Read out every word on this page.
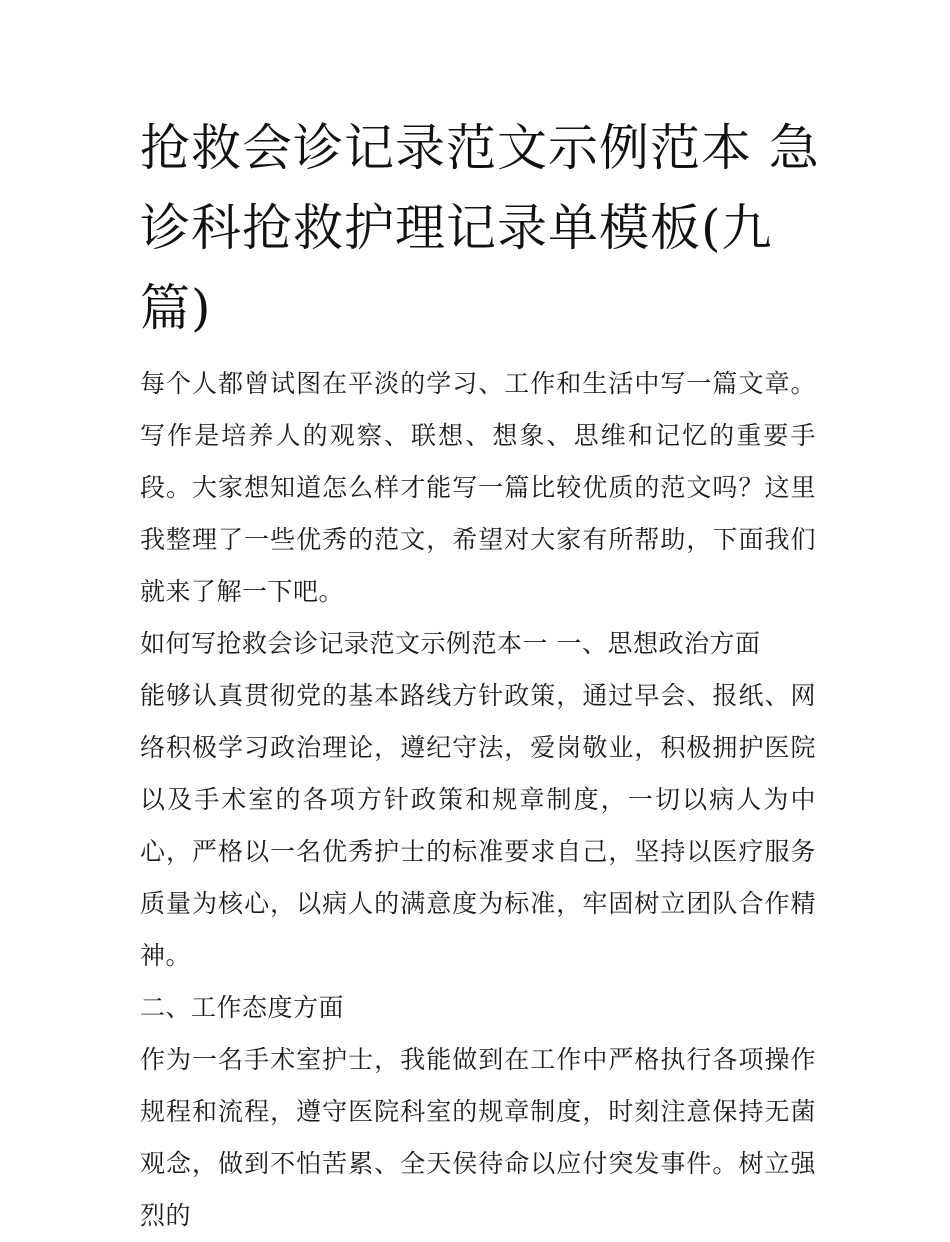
抢救会诊记录范文示例范本 急诊科抢救护理记录单模板(九篇)

每个人都曾试图在平淡的学习、工作和生活中写一篇文章。写作是培养人的观察、联想、想象、思维和记忆的重要手段。大家想知道怎么样才能写一篇比较优质的范文吗？这里我整理了一些优秀的范文，希望对大家有所帮助，下面我们就来了解一下吧。

如何写抢救会诊记录范文示例范本一 一、思想政治方面

能够认真贯彻党的基本路线方针政策，通过早会、报纸、网络积极学习政治理论，遵纪守法，爱岗敬业，积极拥护医院以及手术室的各项方针政策和规章制度，一切以病人为中心，严格以一名优秀护士的标准要求自己，坚持以医疗服务质量为核心，以病人的满意度为标准，牢固树立团队合作精神。

二、工作态度方面

作为一名手术室护士，我能做到在工作中严格执行各项操作规程和流程，遵守医院科室的规章制度，时刻注意保持无菌观念，做到不怕苦累、全天侯待命以应付突发事件。树立强烈的
